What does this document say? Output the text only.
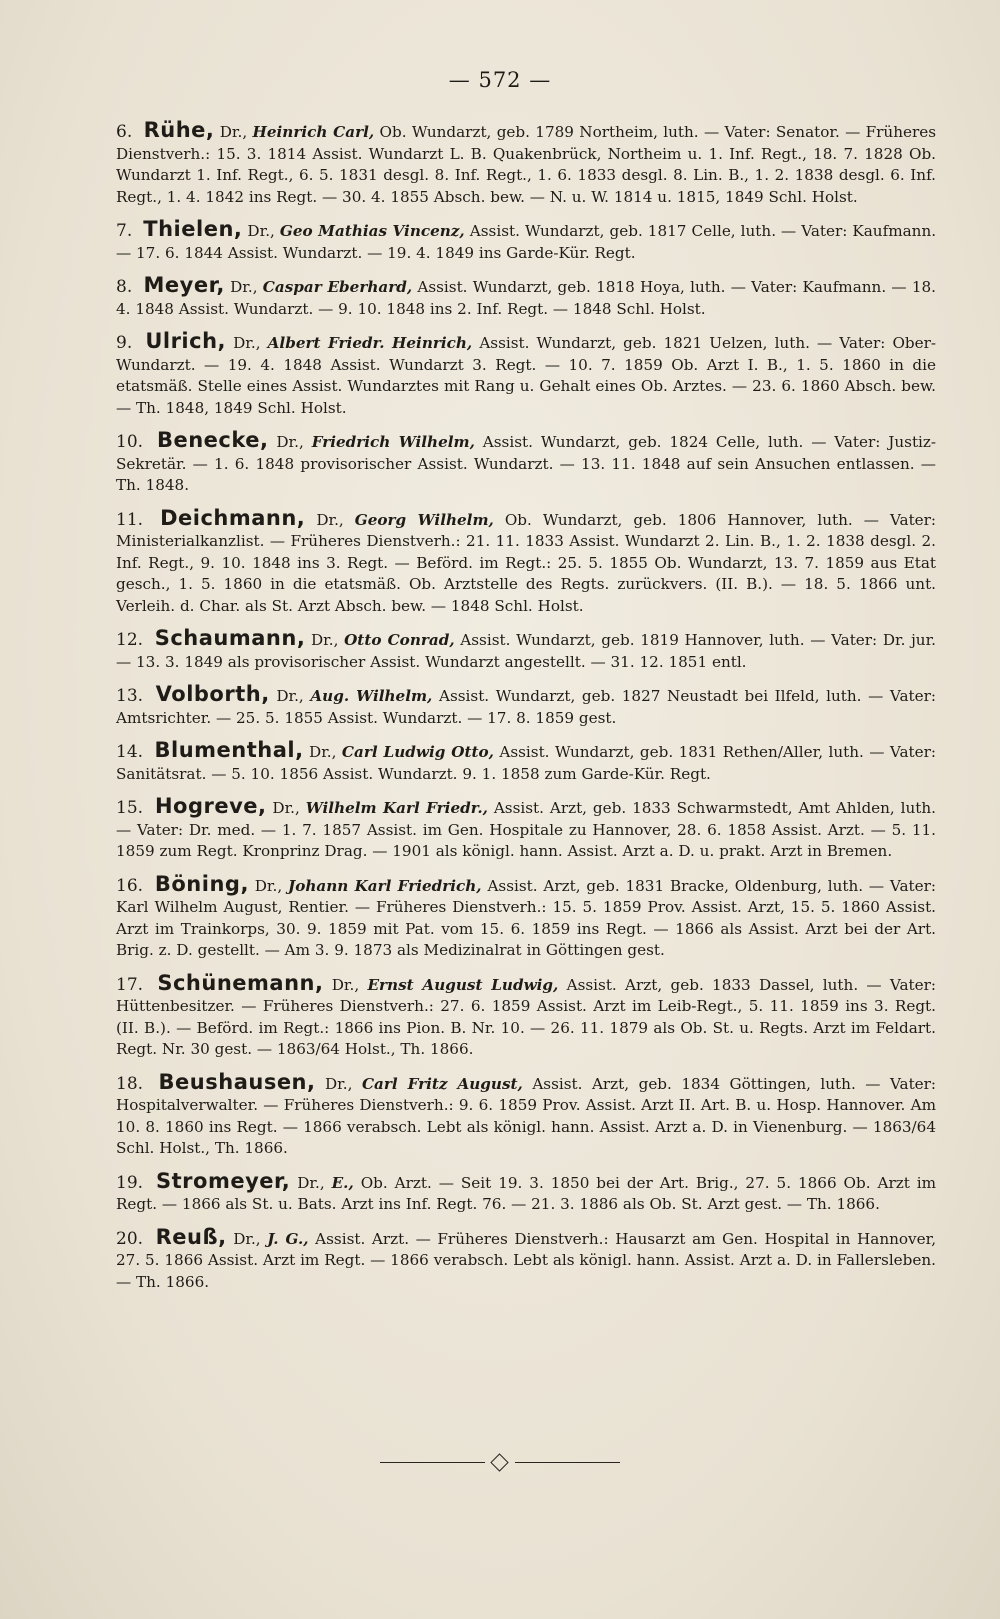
— 572 —

6. Rühe, Dr., Heinrich Carl, Ob. Wundarzt, geb. 1789 Northeim, luth. — Vater: Senator. — Früheres Dienstverh.: 15. 3. 1814 Assist. Wundarzt L. B. Quakenbrück, Northeim u. 1. Inf. Regt., 18. 7. 1828 Ob. Wundarzt 1. Inf. Regt., 6. 5. 1831 desgl. 8. Inf. Regt., 1. 6. 1833 desgl. 8. Lin. B., 1. 2. 1838 desgl. 6. Inf. Regt., 1. 4. 1842 ins Regt. — 30. 4. 1855 Absch. bew. — N. u. W. 1814 u. 1815, 1849 Schl. Holst.

7. Thielen, Dr., Geo Mathias Vincenz, Assist. Wundarzt, geb. 1817 Celle, luth. — Vater: Kaufmann. — 17. 6. 1844 Assist. Wundarzt. — 19. 4. 1849 ins Garde-Kür. Regt.

8. Meyer, Dr., Caspar Eberhard, Assist. Wundarzt, geb. 1818 Hoya, luth. — Vater: Kaufmann. — 18. 4. 1848 Assist. Wundarzt. — 9. 10. 1848 ins 2. Inf. Regt. — 1848 Schl. Holst.

9. Ulrich, Dr., Albert Friedr. Heinrich, Assist. Wundarzt, geb. 1821 Uelzen, luth. — Vater: Ober-Wundarzt. — 19. 4. 1848 Assist. Wundarzt 3. Regt. — 10. 7. 1859 Ob. Arzt I. B., 1. 5. 1860 in die etatsmäß. Stelle eines Assist. Wundarztes mit Rang u. Gehalt eines Ob. Arztes. — 23. 6. 1860 Absch. bew. — Th. 1848, 1849 Schl. Holst.

10. Benecke, Dr., Friedrich Wilhelm, Assist. Wundarzt, geb. 1824 Celle, luth. — Vater: Justiz-Sekretär. — 1. 6. 1848 provisorischer Assist. Wundarzt. — 13. 11. 1848 auf sein Ansuchen entlassen. — Th. 1848.

11. Deichmann, Dr., Georg Wilhelm, Ob. Wundarzt, geb. 1806 Hannover, luth. — Vater: Ministerialkanzlist. — Früheres Dienstverh.: 21. 11. 1833 Assist. Wundarzt 2. Lin. B., 1. 2. 1838 desgl. 2. Inf. Regt., 9. 10. 1848 ins 3. Regt. — Beförd. im Regt.: 25. 5. 1855 Ob. Wundarzt, 13. 7. 1859 aus Etat gesch., 1. 5. 1860 in die etatsmäß. Ob. Arztstelle des Regts. zurückvers. (II. B.). — 18. 5. 1866 unt. Verleih. d. Char. als St. Arzt Absch. bew. — 1848 Schl. Holst.

12. Schaumann, Dr., Otto Conrad, Assist. Wundarzt, geb. 1819 Hannover, luth. — Vater: Dr. jur. — 13. 3. 1849 als provisorischer Assist. Wundarzt angestellt. — 31. 12. 1851 entl.

13. Volborth, Dr., Aug. Wilhelm, Assist. Wundarzt, geb. 1827 Neustadt bei Ilfeld, luth. — Vater: Amtsrichter. — 25. 5. 1855 Assist. Wundarzt. — 17. 8. 1859 gest.

14. Blumenthal, Dr., Carl Ludwig Otto, Assist. Wundarzt, geb. 1831 Rethen/Aller, luth. — Vater: Sanitätsrat. — 5. 10. 1856 Assist. Wundarzt. 9. 1. 1858 zum Garde-Kür. Regt.

15. Hogreve, Dr., Wilhelm Karl Friedr., Assist. Arzt, geb. 1833 Schwarmstedt, Amt Ahlden, luth. — Vater: Dr. med. — 1. 7. 1857 Assist. im Gen. Hospitale zu Hannover, 28. 6. 1858 Assist. Arzt. — 5. 11. 1859 zum Regt. Kronprinz Drag. — 1901 als königl. hann. Assist. Arzt a. D. u. prakt. Arzt in Bremen.

16. Böning, Dr., Johann Karl Friedrich, Assist. Arzt, geb. 1831 Bracke, Oldenburg, luth. — Vater: Karl Wilhelm August, Rentier. — Früheres Dienstverh.: 15. 5. 1859 Prov. Assist. Arzt, 15. 5. 1860 Assist. Arzt im Trainkorps, 30. 9. 1859 mit Pat. vom 15. 6. 1859 ins Regt. — 1866 als Assist. Arzt bei der Art. Brig. z. D. gestellt. — Am 3. 9. 1873 als Medizinalrat in Göttingen gest.

17. Schünemann, Dr., Ernst August Ludwig, Assist. Arzt, geb. 1833 Dassel, luth. — Vater: Hüttenbesitzer. — Früheres Dienstverh.: 27. 6. 1859 Assist. Arzt im Leib-Regt., 5. 11. 1859 ins 3. Regt. (II. B.). — Beförd. im Regt.: 1866 ins Pion. B. Nr. 10. — 26. 11. 1879 als Ob. St. u. Regts. Arzt im Feldart. Regt. Nr. 30 gest. — 1863/64 Holst., Th. 1866.

18. Beushausen, Dr., Carl Fritz August, Assist. Arzt, geb. 1834 Göttingen, luth. — Vater: Hospitalverwalter. — Früheres Dienstverh.: 9. 6. 1859 Prov. Assist. Arzt II. Art. B. u. Hosp. Hannover. Am 10. 8. 1860 ins Regt. — 1866 verabsch. Lebt als königl. hann. Assist. Arzt a. D. in Vienenburg. — 1863/64 Schl. Holst., Th. 1866.

19. Stromeyer, Dr., E., Ob. Arzt. — Seit 19. 3. 1850 bei der Art. Brig., 27. 5. 1866 Ob. Arzt im Regt. — 1866 als St. u. Bats. Arzt ins Inf. Regt. 76. — 21. 3. 1886 als Ob. St. Arzt gest. — Th. 1866.

20. Reuß, Dr., J. G., Assist. Arzt. — Früheres Dienstverh.: Hausarzt am Gen. Hospital in Hannover, 27. 5. 1866 Assist. Arzt im Regt. — 1866 verabsch. Lebt als königl. hann. Assist. Arzt a. D. in Fallersleben. — Th. 1866.
